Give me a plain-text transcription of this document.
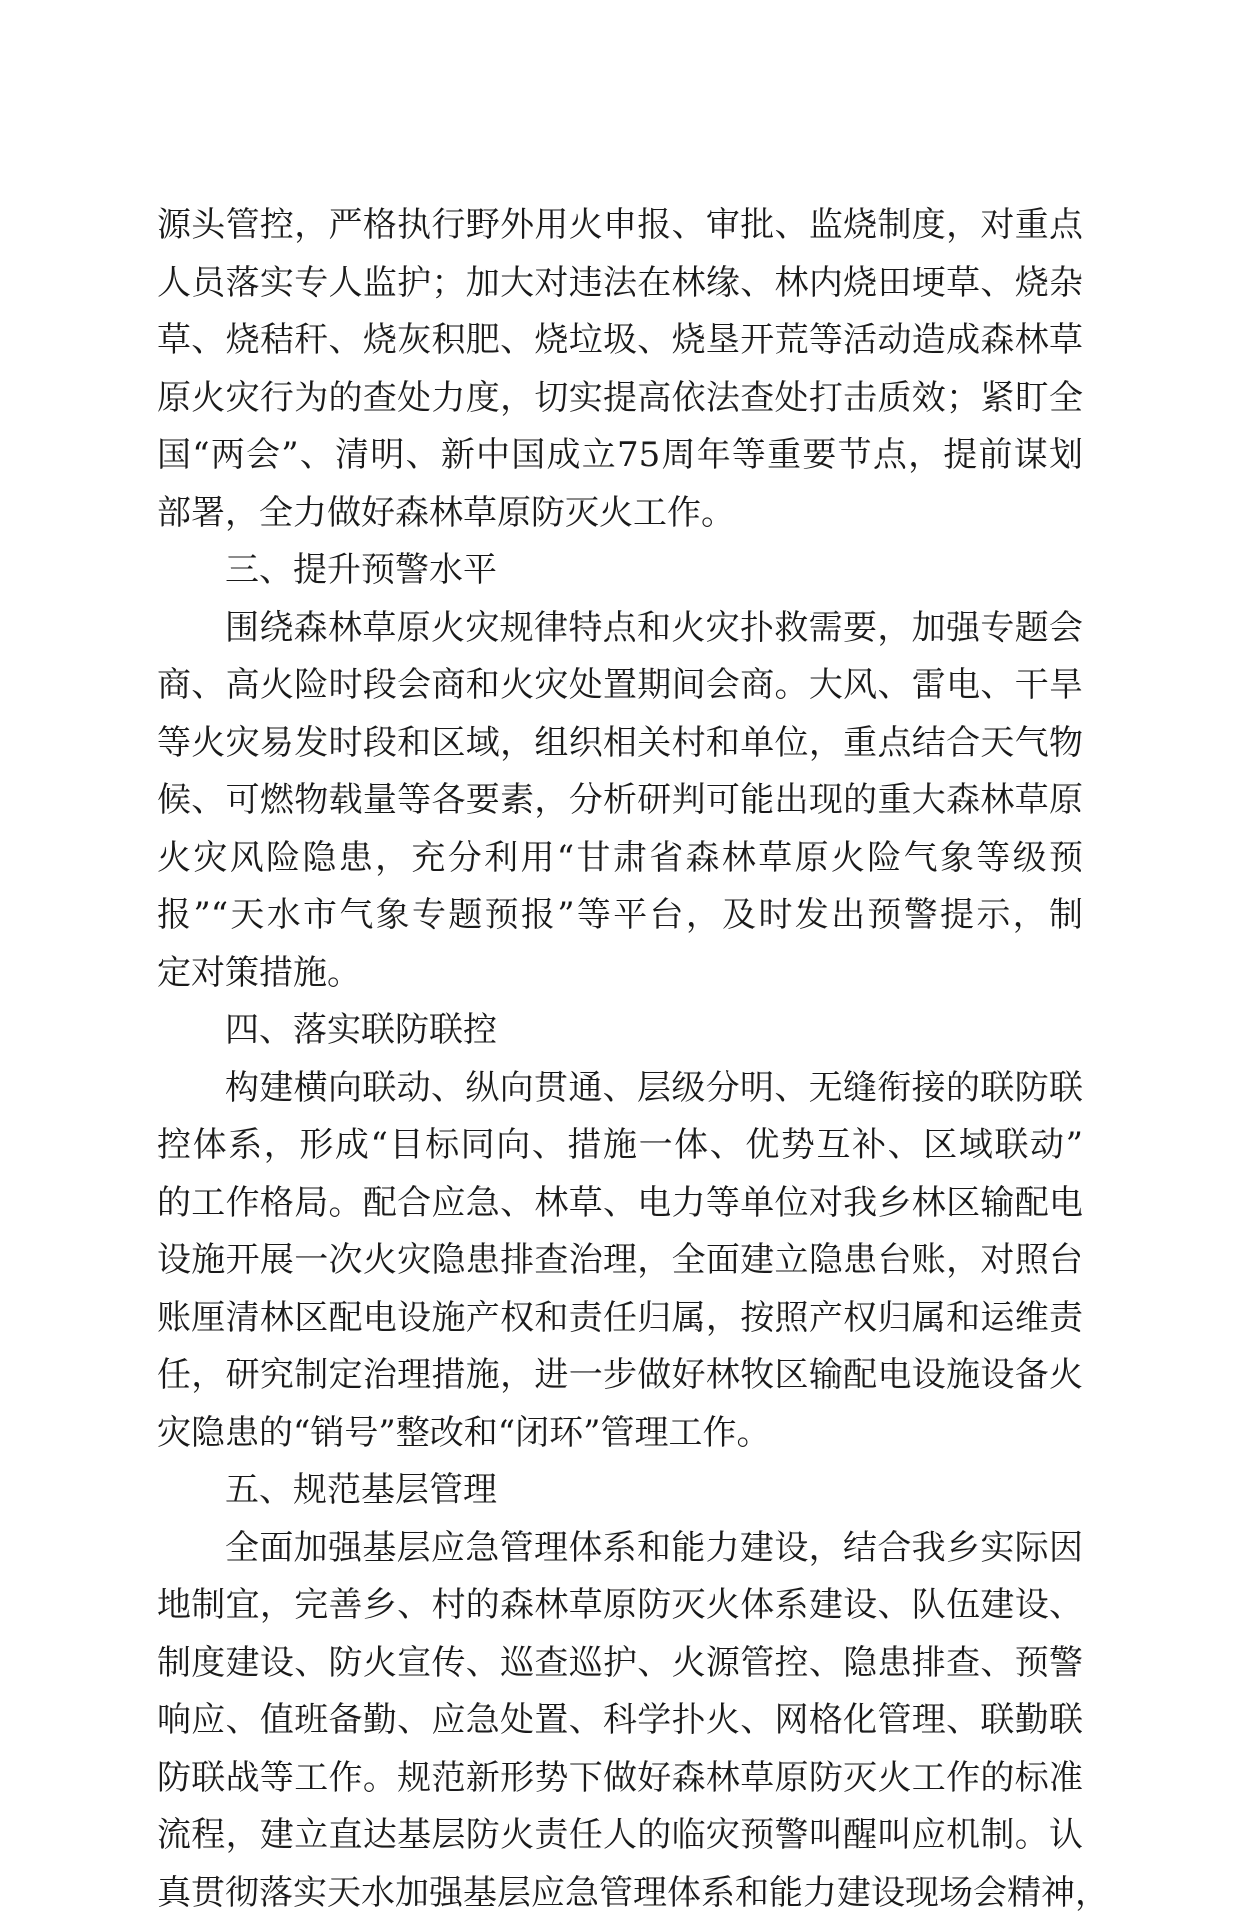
源头管控，严格执行野外用火申报、审批、监烧制度，对重点
人员落实专人监护；加大对违法在林缘、林内烧田埂草、烧杂
草、烧秸秆、烧灰积肥、烧垃圾、烧垦开荒等活动造成森林草
原火灾行为的查处力度，切实提高依法查处打击质效；紧盯全
国“两会”、清明、新中国成立75周年等重要节点，提前谋划
部署，全力做好森林草原防灭火工作。
三、提升预警水平
围绕森林草原火灾规律特点和火灾扑救需要，加强专题会
商、高火险时段会商和火灾处置期间会商。大风、雷电、干旱
等火灾易发时段和区域，组织相关村和单位，重点结合天气物
候、可燃物载量等各要素，分析研判可能出现的重大森林草原
火灾风险隐患，充分利用“甘肃省森林草原火险气象等级预
报”“天水市气象专题预报”等平台，及时发出预警提示，制
定对策措施。
四、落实联防联控
构建横向联动、纵向贯通、层级分明、无缝衔接的联防联
控体系，形成“目标同向、措施一体、优势互补、区域联动”
的工作格局。配合应急、林草、电力等单位对我乡林区输配电
设施开展一次火灾隐患排查治理，全面建立隐患台账，对照台
账厘清林区配电设施产权和责任归属，按照产权归属和运维责
任，研究制定治理措施，进一步做好林牧区输配电设施设备火
灾隐患的“销号”整改和“闭环”管理工作。
五、规范基层管理
全面加强基层应急管理体系和能力建设，结合我乡实际因
地制宜，完善乡、村的森林草原防灭火体系建设、队伍建设、
制度建设、防火宣传、巡查巡护、火源管控、隐患排查、预警
响应、值班备勤、应急处置、科学扑火、网格化管理、联勤联
防联战等工作。规范新形势下做好森林草原防灭火工作的标准
流程，建立直达基层防火责任人的临灾预警叫醒叫应机制。认
真贯彻落实天水加强基层应急管理体系和能力建设现场会精神，
